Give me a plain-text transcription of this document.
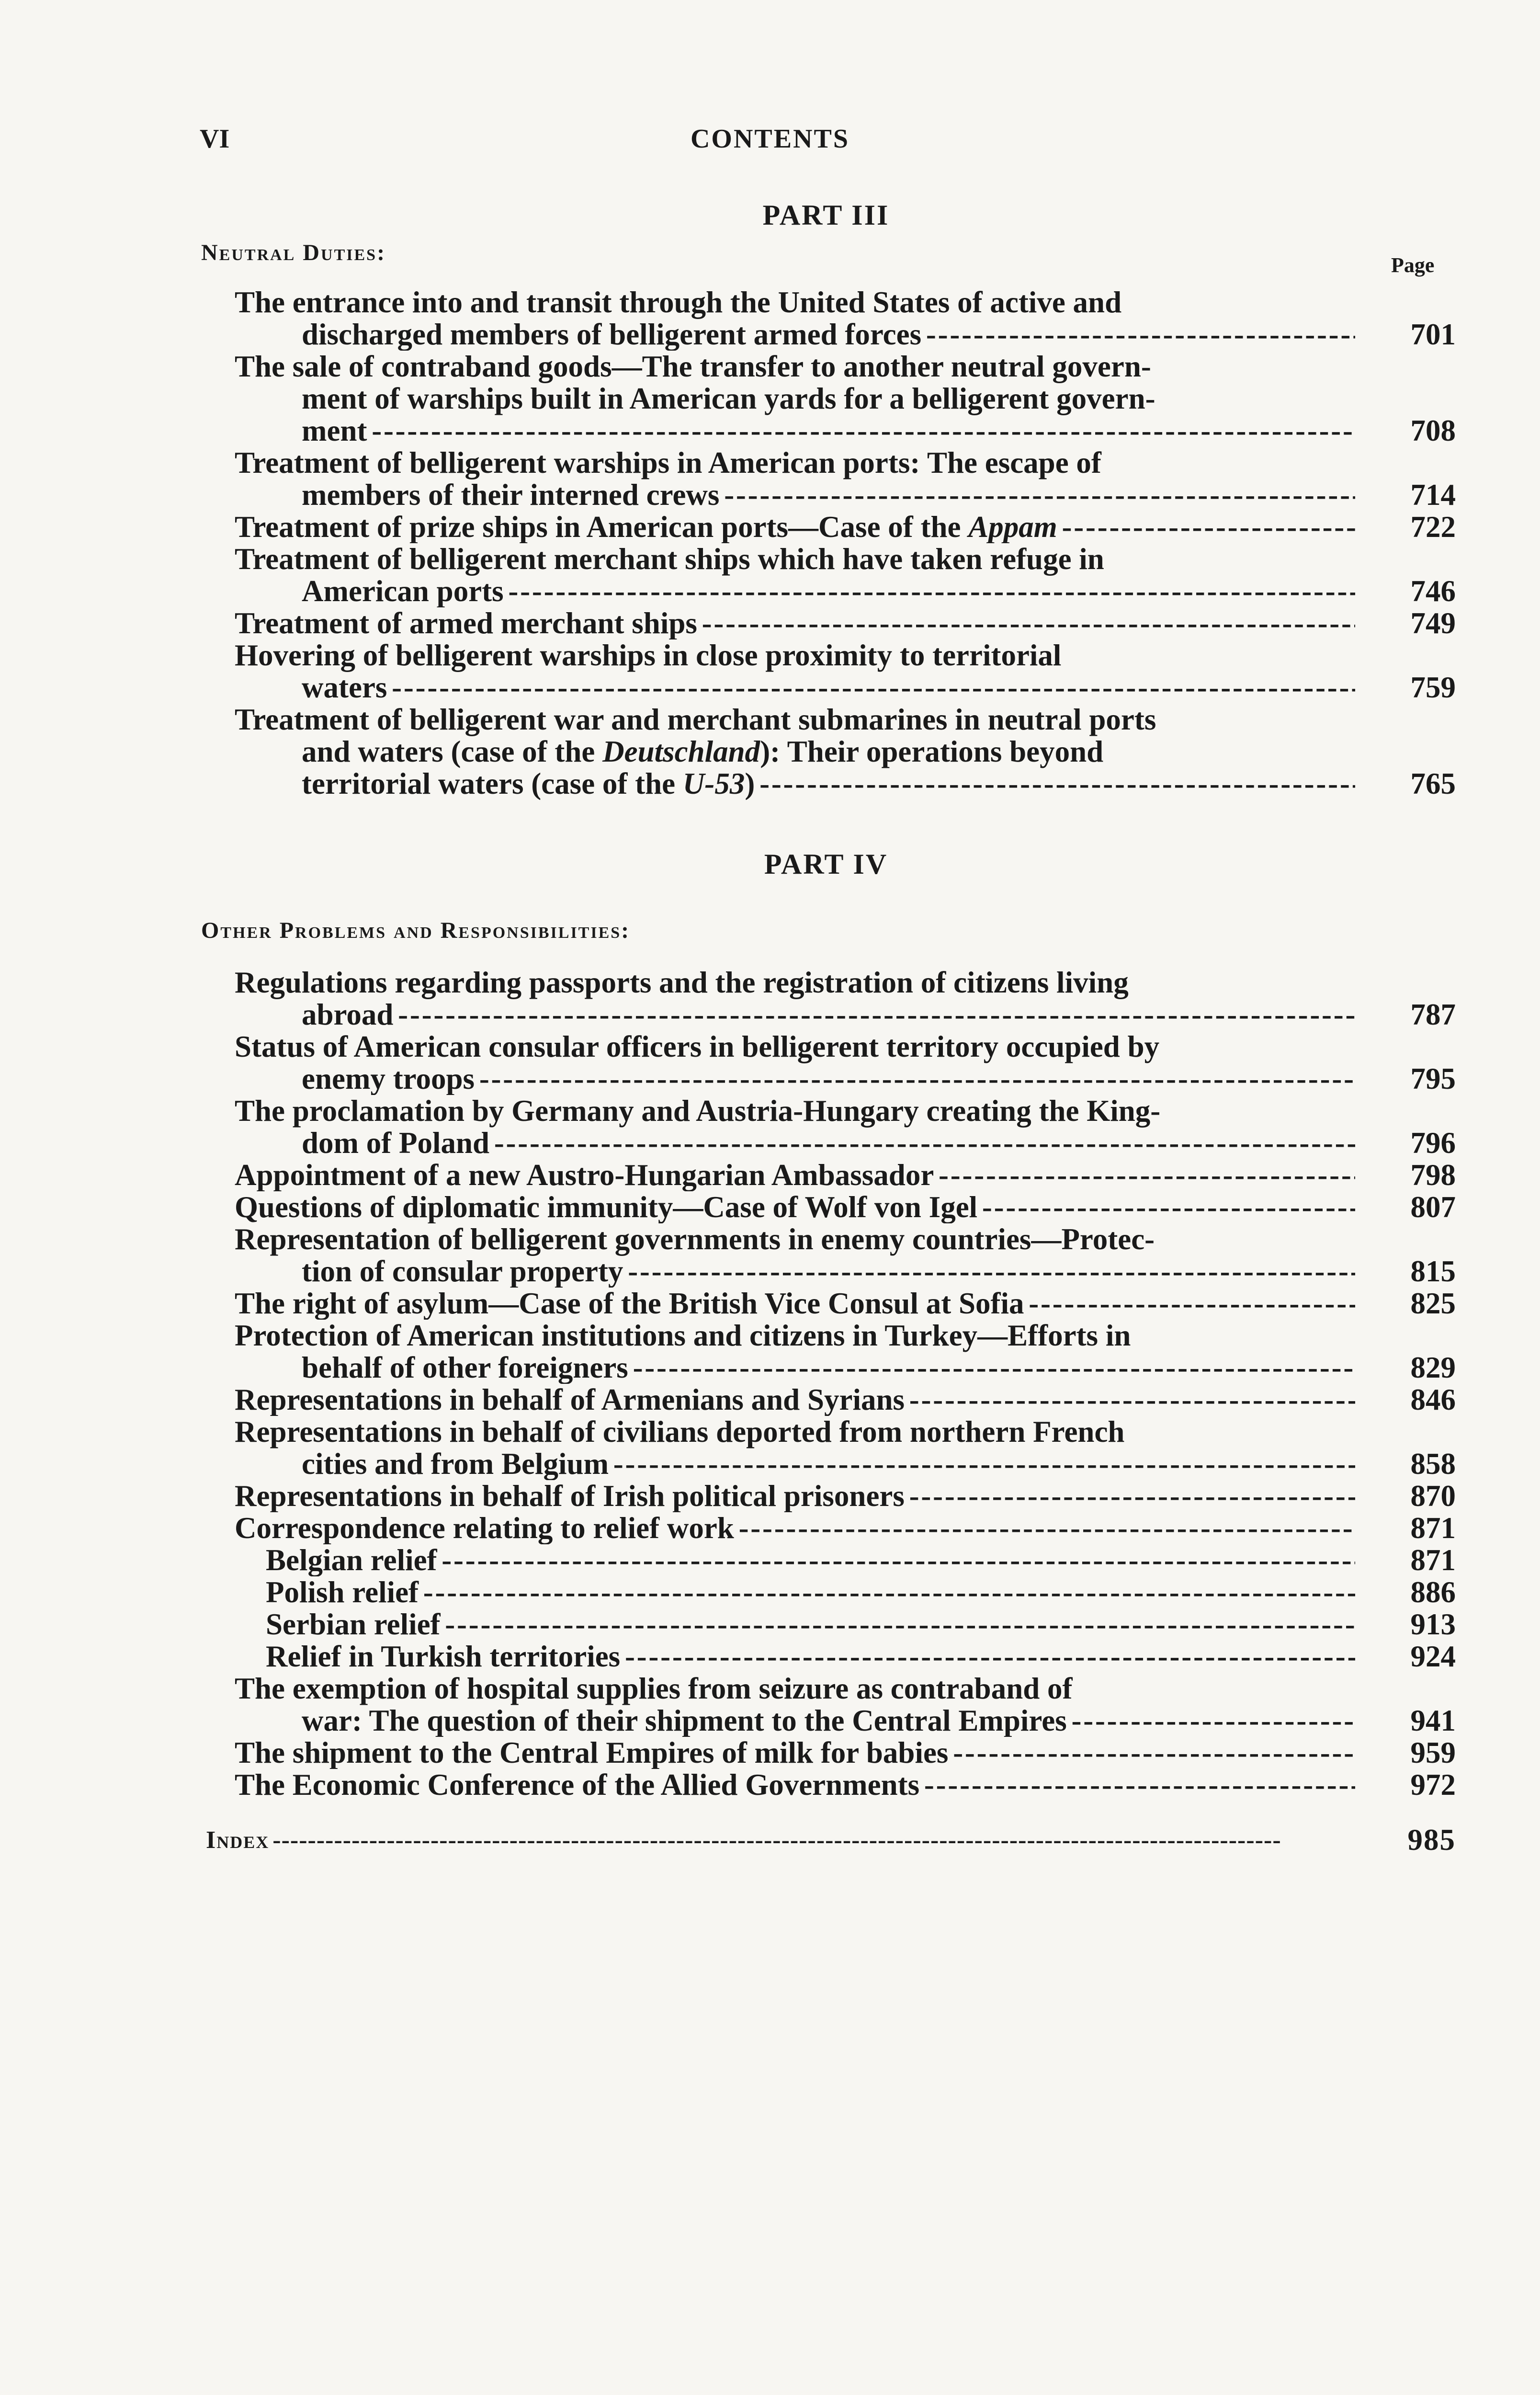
VI	CONTENTS
PART III
Neutral Duties:	Page
The entrance into and transit through the United States of active and
discharged members of belligerent armed forces - - -	701
The sale of contraband goods—The transfer to another neutral govern-
ment of warships built in American yards for a belligerent govern-
ment - - -	708
Treatment of belligerent warships in American ports: The escape of
members of their interned crews - - -	714
Treatment of prize ships in American ports—Case of the Appam - - -	722
Treatment of belligerent merchant ships which have taken refuge in
American ports - - -	746
Treatment of armed merchant ships - - -	749
Hovering of belligerent warships in close proximity to territorial
waters - - -	759
Treatment of belligerent war and merchant submarines in neutral ports
and waters (case of the Deutschland): Their operations beyond
territorial waters (case of the U-53) - - -	765
PART IV
Other Problems and Responsibilities:
Regulations regarding passports and the registration of citizens living
abroad - - -	787
Status of American consular officers in belligerent territory occupied by
enemy troops - - -	795
The proclamation by Germany and Austria-Hungary creating the King-
dom of Poland - - -	796
Appointment of a new Austro-Hungarian Ambassador - - -	798
Questions of diplomatic immunity—Case of Wolf von Igel - - -	807
Representation of belligerent governments in enemy countries—Protec-
tion of consular property - - -	815
The right of asylum—Case of the British Vice Consul at Sofia - - -	825
Protection of American institutions and citizens in Turkey—Efforts in
behalf of other foreigners - - -	829
Representations in behalf of Armenians and Syrians - - -	846
Representations in behalf of civilians deported from northern French
cities and from Belgium - - -	858
Representations in behalf of Irish political prisoners - - -	870
Correspondence relating to relief work - - -	871
Belgian relief - - -	871
Polish relief - - -	886
Serbian relief - - -	913
Relief in Turkish territories - - -	924
The exemption of hospital supplies from seizure as contraband of
war: The question of their shipment to the Central Empires - - -	941
The shipment to the Central Empires of milk for babies - - -	959
The Economic Conference of the Allied Governments - - -	972
Index - - -	985
